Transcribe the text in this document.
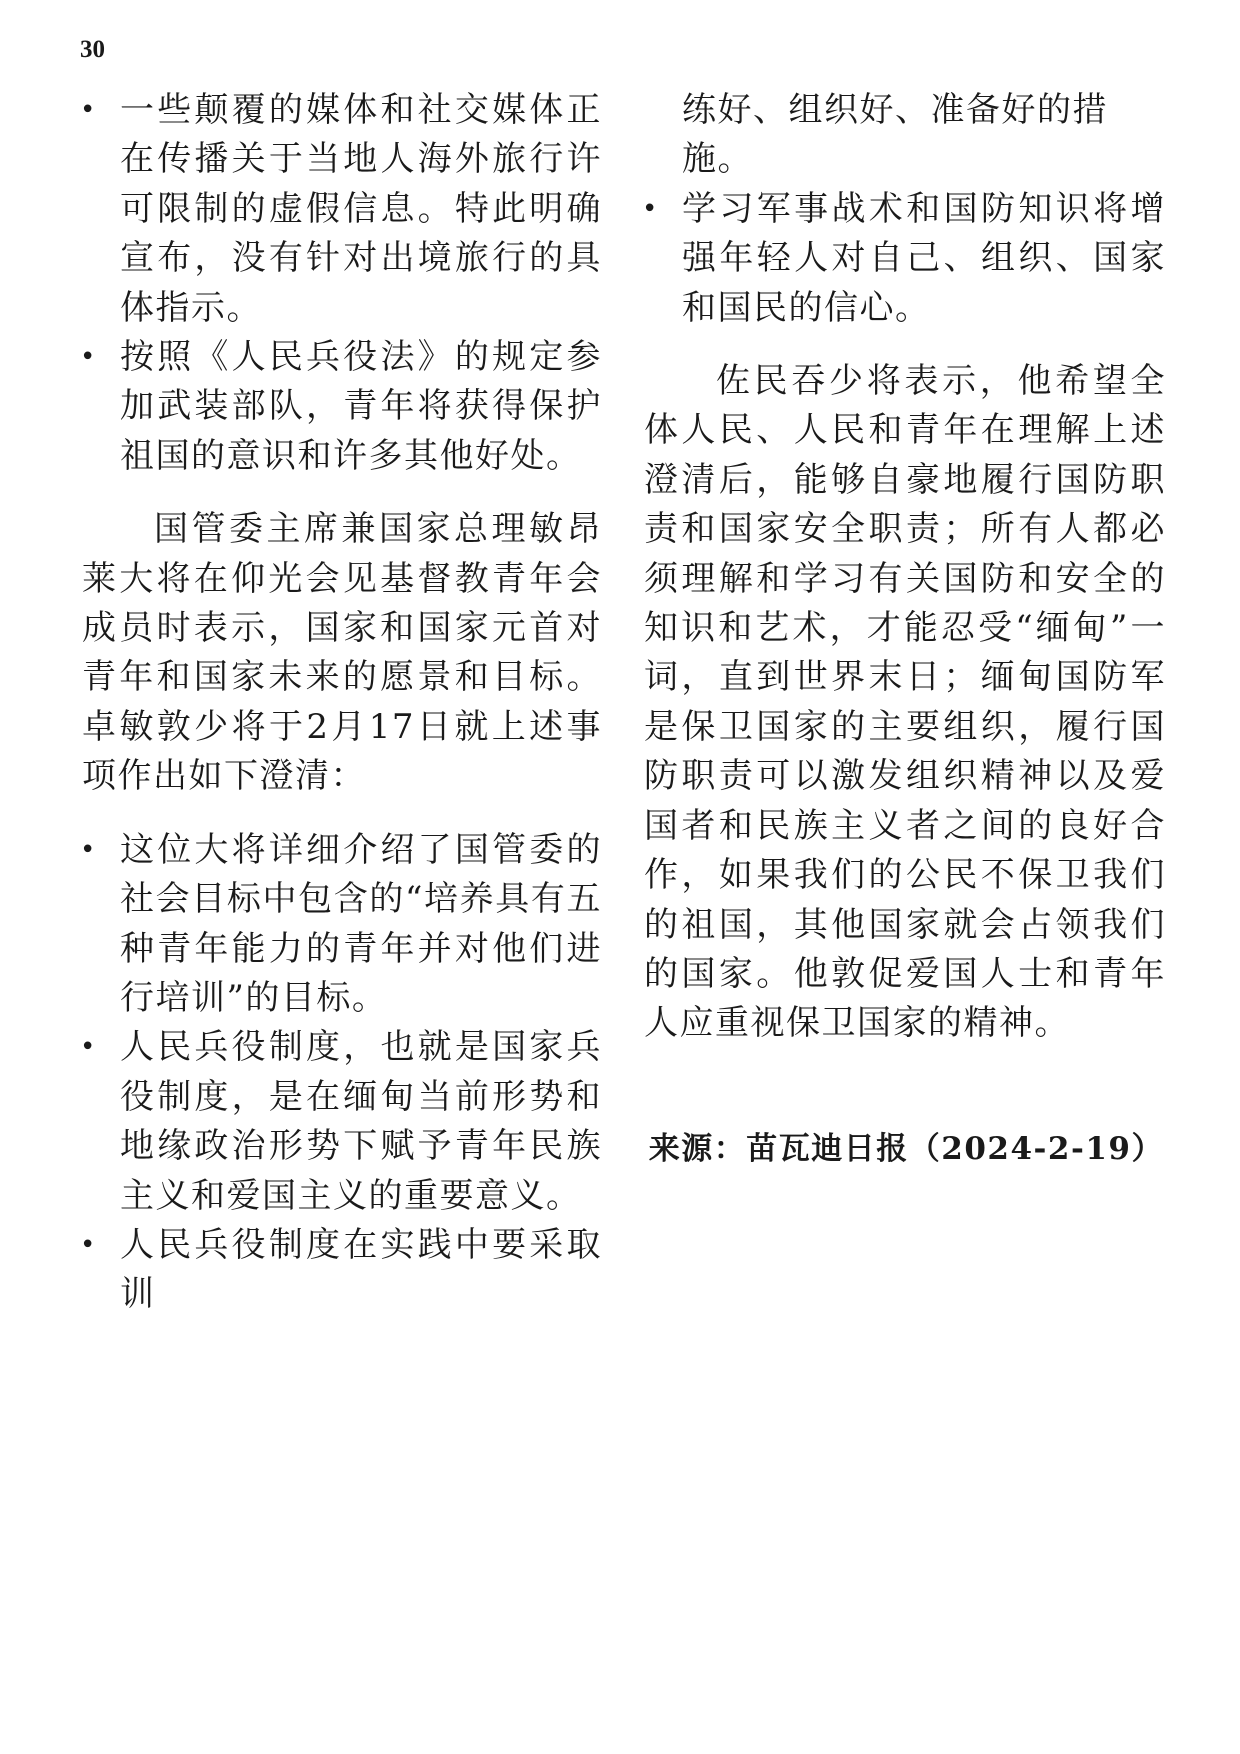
30
• 一些颠覆的媒体和社交媒体正在传播关于当地人海外旅行许可限制的虚假信息。特此明确宣布，没有针对出境旅行的具体指示。
• 按照《人民兵役法》的规定参加武装部队，青年将获得保护祖国的意识和许多其他好处。
国管委主席兼国家总理敏昂莱大将在仰光会见基督教青年会成员时表示，国家和国家元首对青年和国家未来的愿景和目标。卓敏敦少将于2月17日就上述事项作出如下澄清：
• 这位大将详细介绍了国管委的社会目标中包含的“培养具有五种青年能力的青年并对他们进行培训”的目标。
• 人民兵役制度，也就是国家兵役制度，是在缅甸当前形势和地缘政治形势下赋予青年民族主义和爱国主义的重要意义。
• 人民兵役制度在实践中要采取训
练好、组织好、准备好的措施。
• 学习军事战术和国防知识将增强年轻人对自己、组织、国家和国民的信心。
佐民吞少将表示，他希望全体人民、人民和青年在理解上述澄清后，能够自豪地履行国防职责和国家安全职责；所有人都必须理解和学习有关国防和安全的知识和艺术，才能忍受“缅甸”一词，直到世界末日；缅甸国防军是保卫国家的主要组织，履行国防职责可以激发组织精神以及爱国者和民族主义者之间的良好合作，如果我们的公民不保卫我们的祖国，其他国家就会占领我们的国家。他敦促爱国人士和青年人应重视保卫国家的精神。
来源：苗瓦迪日报（2024-2-19）
